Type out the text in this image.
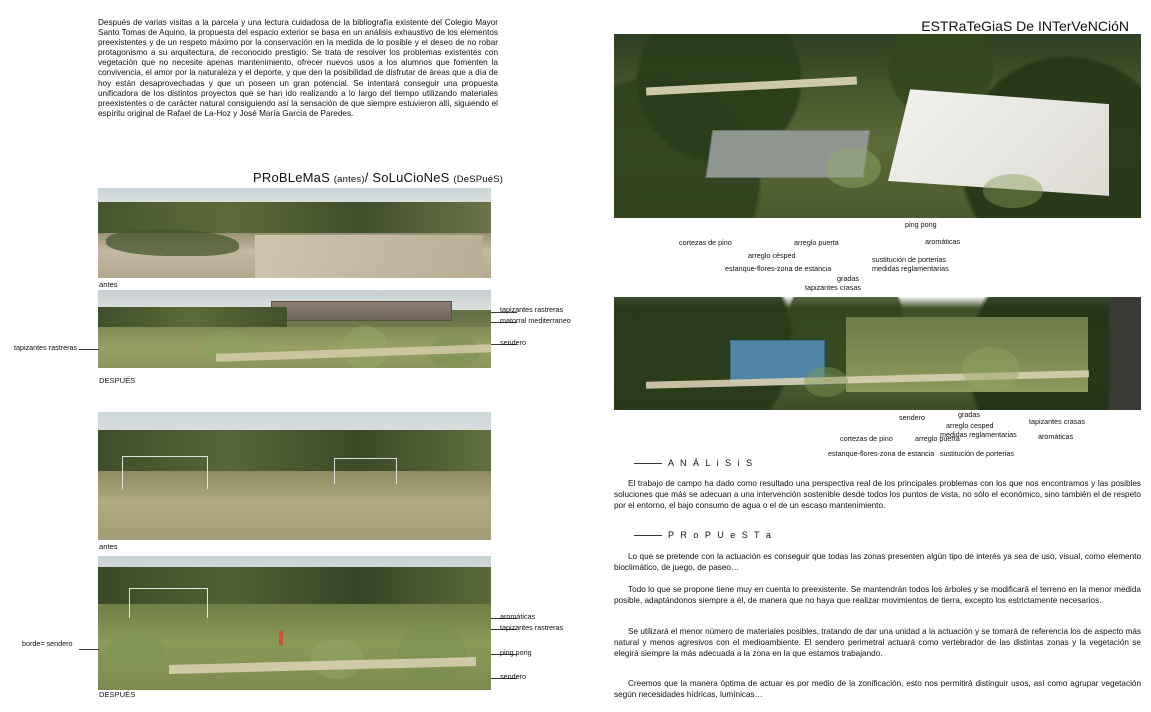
Después de varias visitas a la parcela y una lectura cuidadosa de la bibliografía existente del Colegio Mayor Santo Tomas de Aquino, la propuesta del espacio exterior se basa en un análisis exhaustivo de los elementos preexistentes y de un respeto máximo por la conservación en la medida de lo posible y el deseo de no robar protagonismo a su arquitectura, de reconocido prestigio. Se trata de resolver los problemas existentes con vegetación que no necesite apenas mantenimiento, ofrecer nuevos usos a los alumnos que fomenten la convivencia, el amor por la naturaleza y el deporte, y que den la posibilidad de disfrutar de áreas que a día de hoy están desaprovechadas y que un poseen un gran potencial. Se intentará conseguir una propuesta unificadora de los distintos proyectos que se han ido realizando a lo largo del tiempo utilizando materiales preexistentes o de carácter natural consiguiendo así la sensación de que siempre estuvieron allí, siguiendo el espíritu original de Rafael de La-Hoz y José María García de Paredes.
PRoBLeMaS (antes)/ SoLuCioNeS (DeSPuéS)
antes
DESPUÉS
tapizantes rastreras
matorral mediterraneo
sendero
tapizantes rastreras
antes
DESPUÉS
aromáticas
tapizantes rastreras
ping pong
sendero
borde= sendero
ESTRaTeGiaS De INTerVeNCióN
ping pong
aromáticas
arreglo puerta
sustitución de porterias
cortezas de pino
arreglo césped
medidas reglamentarias
estanque-flores-zona de estancia
gradas
tapizantes crasas
sendero	gradas
tapizantes crasas
arreglo cesped
aromáticas
medidas reglamentarias
cortezas de pino	arreglo puerta
estanque-flores-zona de estancia sustitución de porterias
A N Á L i S i S
El trabajo de campo ha dado como resultado una perspectiva real de los principales problemas con los que nos encontramos y las posibles soluciones que más se adecuan a una intervención sostenible desde todos los puntos de vista, no sólo el económico, sino también el de respeto por el entorno, el bajo consumo de agua o el de un escaso mantenimiento.
P R o P U e S T a
Lo que se pretende con la actuación es conseguir que todas las zonas presenten algún tipo de interés ya sea de uso, visual, como elemento bioclimático, de juego, de paseo…
Todo lo que se propone tiene muy en cuenta lo preexistente. Se mantendrán todos los árboles y se modificará el terreno en la menor medida posible, adaptándonos siempre a él, de manera que no haya que realizar movimientos de tierra, excepto los estrictamente necesarios.
Se utilizará el menor número de materiales posibles, tratando de dar una unidad a la actuación y se tomará de referencia los de aspecto más natural y menos agresivos con el medioambiente. El sendero perimetral actuará como vertebrador de las distintas zonas y la vegetación se elegirá siempre la más adecuada a la zona en la que estamos trabajando.
Creemos que la manera óptima de actuar es por medio de la zonificación, esto nos permitirá distinguir usos, así como agrupar vegetación según necesidades hídricas, lumínicas…
